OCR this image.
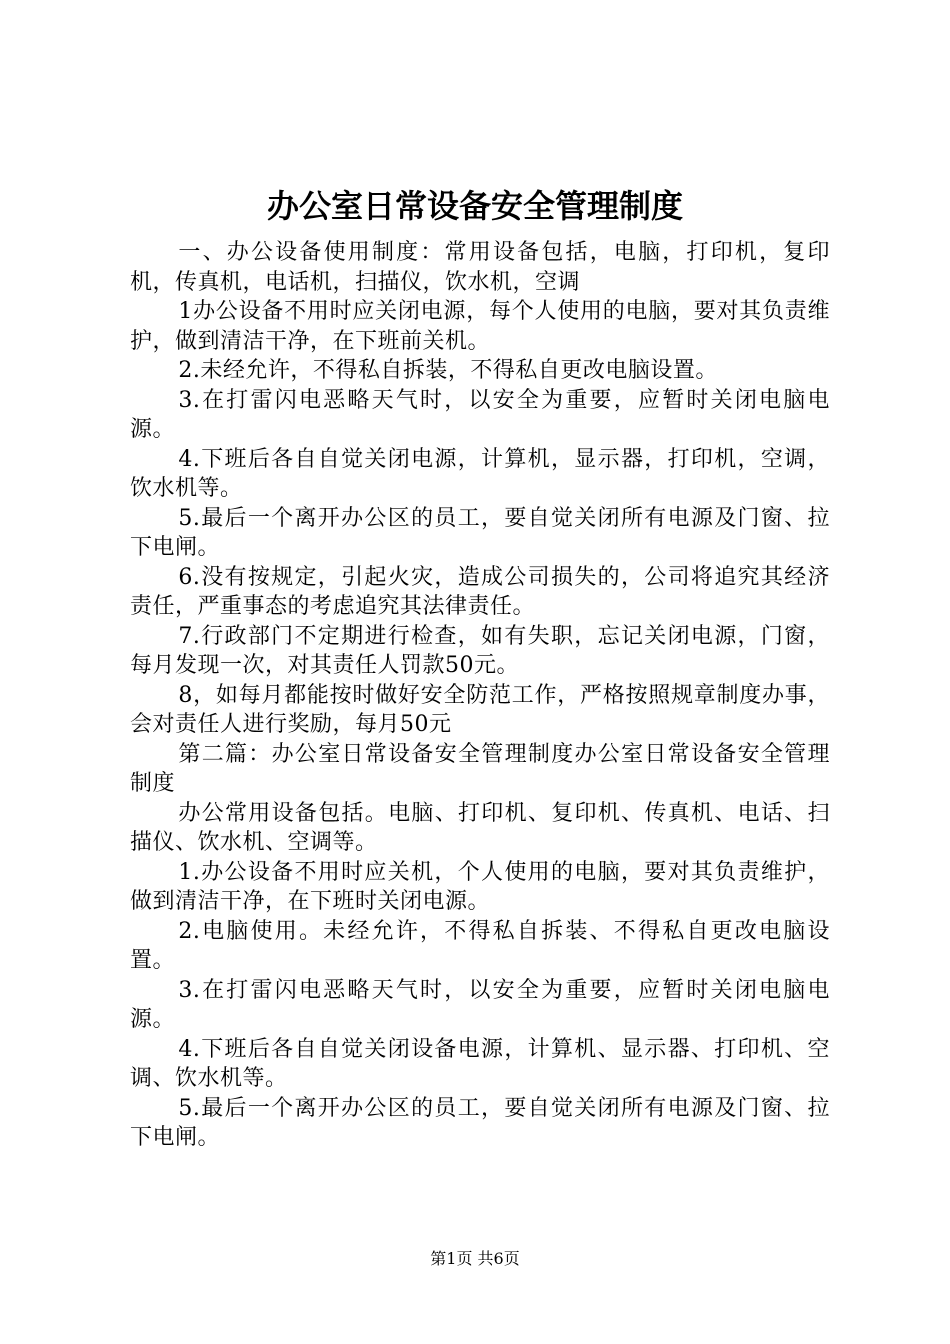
办公室日常设备安全管理制度

一、办公设备使用制度：常用设备包括，电脑，打印机，复印机，传真机，电话机，扫描仪，饮水机，空调

1办公设备不用时应关闭电源，每个人使用的电脑，要对其负责维护，做到清洁干净，在下班前关机。

2.未经允许，不得私自拆装，不得私自更改电脑设置。

3.在打雷闪电恶略天气时，以安全为重要，应暂时关闭电脑电源。

4.下班后各自自觉关闭电源，计算机，显示器，打印机，空调，饮水机等。

5.最后一个离开办公区的员工，要自觉关闭所有电源及门窗、拉下电闸。

6.没有按规定，引起火灾，造成公司损失的，公司将追究其经济责任，严重事态的考虑追究其法律责任。

7.行政部门不定期进行检查，如有失职，忘记关闭电源，门窗，每月发现一次，对其责任人罚款50元。

8，如每月都能按时做好安全防范工作，严格按照规章制度办事，会对责任人进行奖励，每月50元

第二篇：办公室日常设备安全管理制度办公室日常设备安全管理制度

办公常用设备包括。电脑、打印机、复印机、传真机、电话、扫描仪、饮水机、空调等。

1.办公设备不用时应关机，个人使用的电脑，要对其负责维护，做到清洁干净，在下班时关闭电源。

2.电脑使用。未经允许，不得私自拆装、不得私自更改电脑设置。

3.在打雷闪电恶略天气时，以安全为重要，应暂时关闭电脑电源。

4.下班后各自自觉关闭设备电源，计算机、显示器、打印机、空调、饮水机等。

5.最后一个离开办公区的员工，要自觉关闭所有电源及门窗、拉下电闸。

第1页 共6页
